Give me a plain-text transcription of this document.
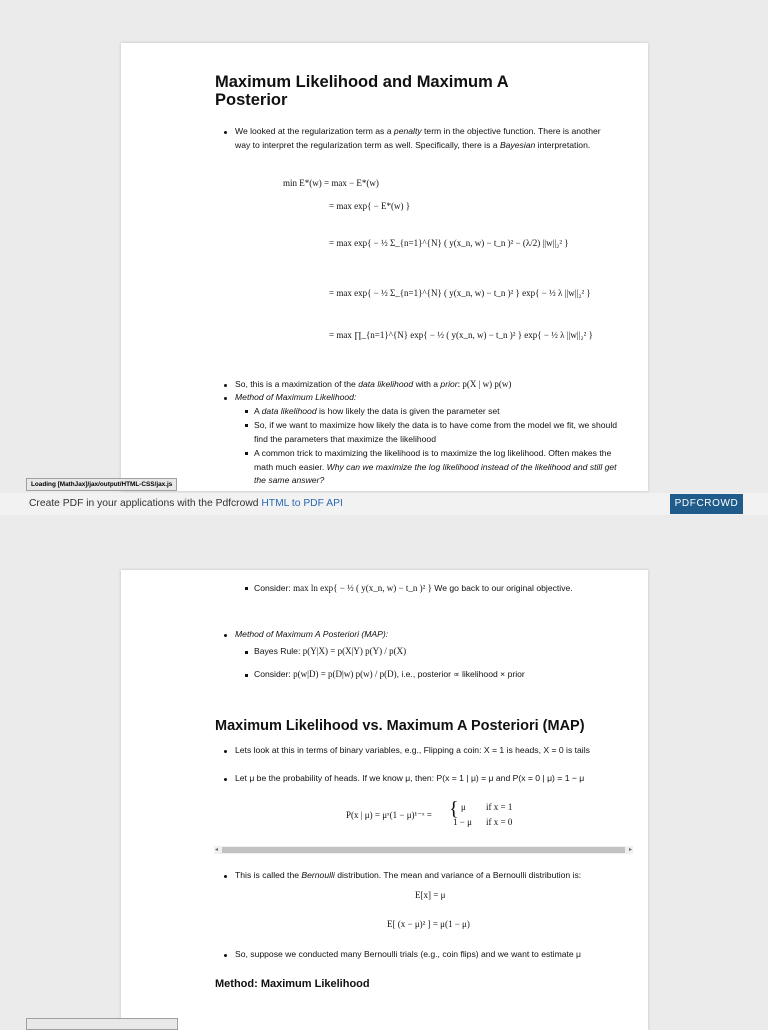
Maximum Likelihood and Maximum A Posterior
We looked at the regularization term as a penalty term in the objective function. There is another way to interpret the regularization term as well. Specifically, there is a Bayesian interpretation.
min E*(w) = max − E*(w)
= max exp{ − E*(w) }
= max exp{ − ½ Σ_{n=1}^{N} ( y(x_n, w) − t_n )² − (λ/2) ||w||₂² }
= max exp{ − ½ Σ_{n=1}^{N} ( y(x_n, w) − t_n )² } exp{ − ½ λ ||w||₂² }
= max ∏_{n=1}^{N} exp{ − ½ ( y(x_n, w) − t_n )² } exp{ − ½ λ ||w||₂² }
So, this is a maximization of the data likelihood with a prior: p(X | w) p(w)
Method of Maximum Likelihood:
A data likelihood is how likely the data is given the parameter set
So, if we want to maximize how likely the data is to have come from the model we fit, we should find the parameters that maximize the likelihood
A common trick to maximizing the likelihood is to maximize the log likelihood. Often makes the math much easier. Why can we maximize the log likelihood instead of the likelihood and still get the same answer?
Loading [MathJax]/jax/output/HTML-CSS/jax.js
Create PDF in your applications with the Pdfcrowd HTML to PDF API	PDFCROWD
Consider: max ln exp{ − ½ ( y(x_n, w) − t_n )² } We go back to our original objective.
Method of Maximum A Posteriori (MAP):
Bayes Rule: p(Y|X) = p(X|Y) p(Y) / p(X)
Consider: p(w|D) = p(D|w) p(w) / p(D), i.e., posterior ∝ likelihood × prior
Maximum Likelihood vs. Maximum A Posteriori (MAP)
Lets look at this in terms of binary variables, e.g., Flipping a coin: X = 1 is heads, X = 0 is tails
Let μ be the probability of heads. If we know μ, then: P(x = 1 | μ) = μ and P(x = 0 | μ) = 1 − μ
P(x | μ) = μˣ(1 − μ)¹⁻ˣ = { μ if x = 1
1 − μ if x = 0
This is called the Bernoulli distribution. The mean and variance of a Bernoulli distribution is:
E[x] = μ
E[ (x − μ)² ] = μ(1 − μ)
So, suppose we conducted many Bernoulli trials (e.g., coin flips) and we want to estimate μ
Method: Maximum Likelihood
◂	▸
